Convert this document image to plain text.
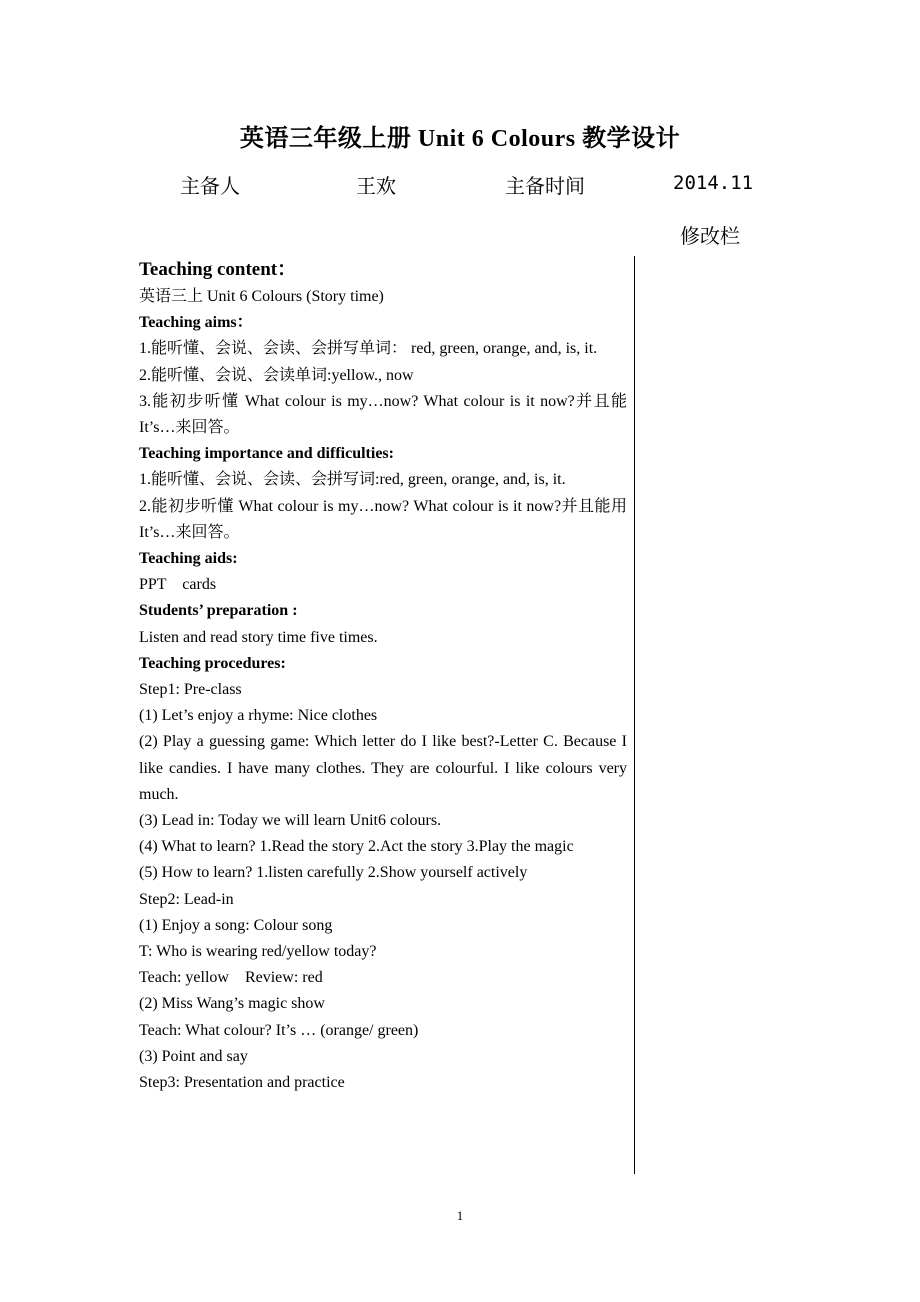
英语三年级上册 Unit 6 Colours 教学设计
主备人	王欢	主备时间	2014.11
修改栏
Teaching content：
英语三上 Unit 6 Colours (Story time)
Teaching aims：
1.能听懂、会说、会读、会拼写单词： red, green, orange, and, is, it.
2.能听懂、会说、会读单词:yellow., now
3.能初步听懂 What colour is my…now? What colour is it now?并且能 It’s…来回答。
Teaching importance and difficulties:
1.能听懂、会说、会读、会拼写词:red, green, orange, and, is, it.
2.能初步听懂 What colour is my…now? What colour is it now?并且能用 It’s…来回答。
Teaching aids:
PPT    cards
Students’ preparation :
Listen and read story time five times.
Teaching procedures:
Step1: Pre-class
(1) Let’s enjoy a rhyme: Nice clothes
(2) Play a guessing game: Which letter do I like best?-Letter C. Because I like candies. I have many clothes. They are colourful. I like colours very much.
(3) Lead in: Today we will learn Unit6 colours.
(4) What to learn? 1.Read the story 2.Act the story 3.Play the magic
(5) How to learn? 1.listen carefully 2.Show yourself actively
Step2: Lead-in
(1) Enjoy a song: Colour song
T: Who is wearing red/yellow today?
Teach: yellow    Review: red
(2) Miss Wang’s magic show
Teach: What colour? It’s … (orange/ green)
(3) Point and say
Step3: Presentation and practice
1
